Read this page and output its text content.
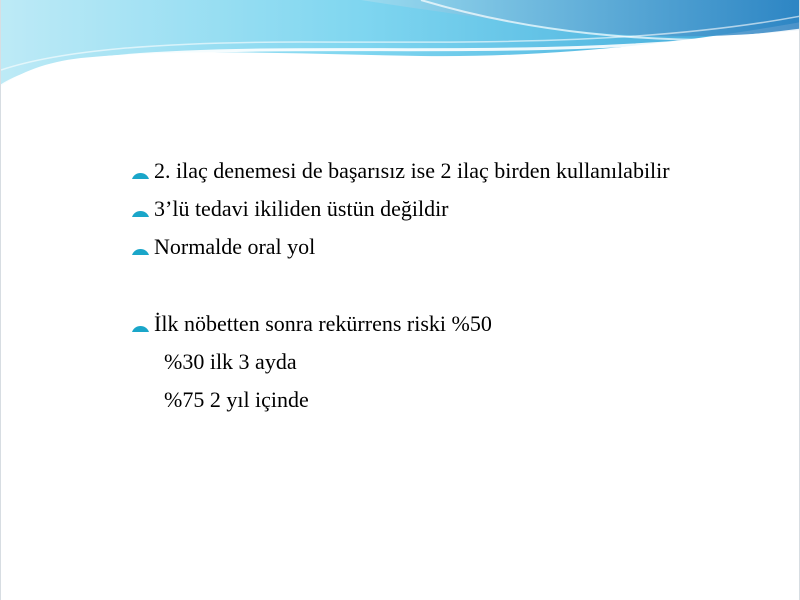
2. ilaç denemesi de başarısız ise 2 ilaç birden kullanılabilir
3’lü tedavi ikiliden üstün değildir
Normalde oral yol
İlk nöbetten sonra rekürrens riski %50
%30 ilk 3 ayda
%75 2 yıl içinde
